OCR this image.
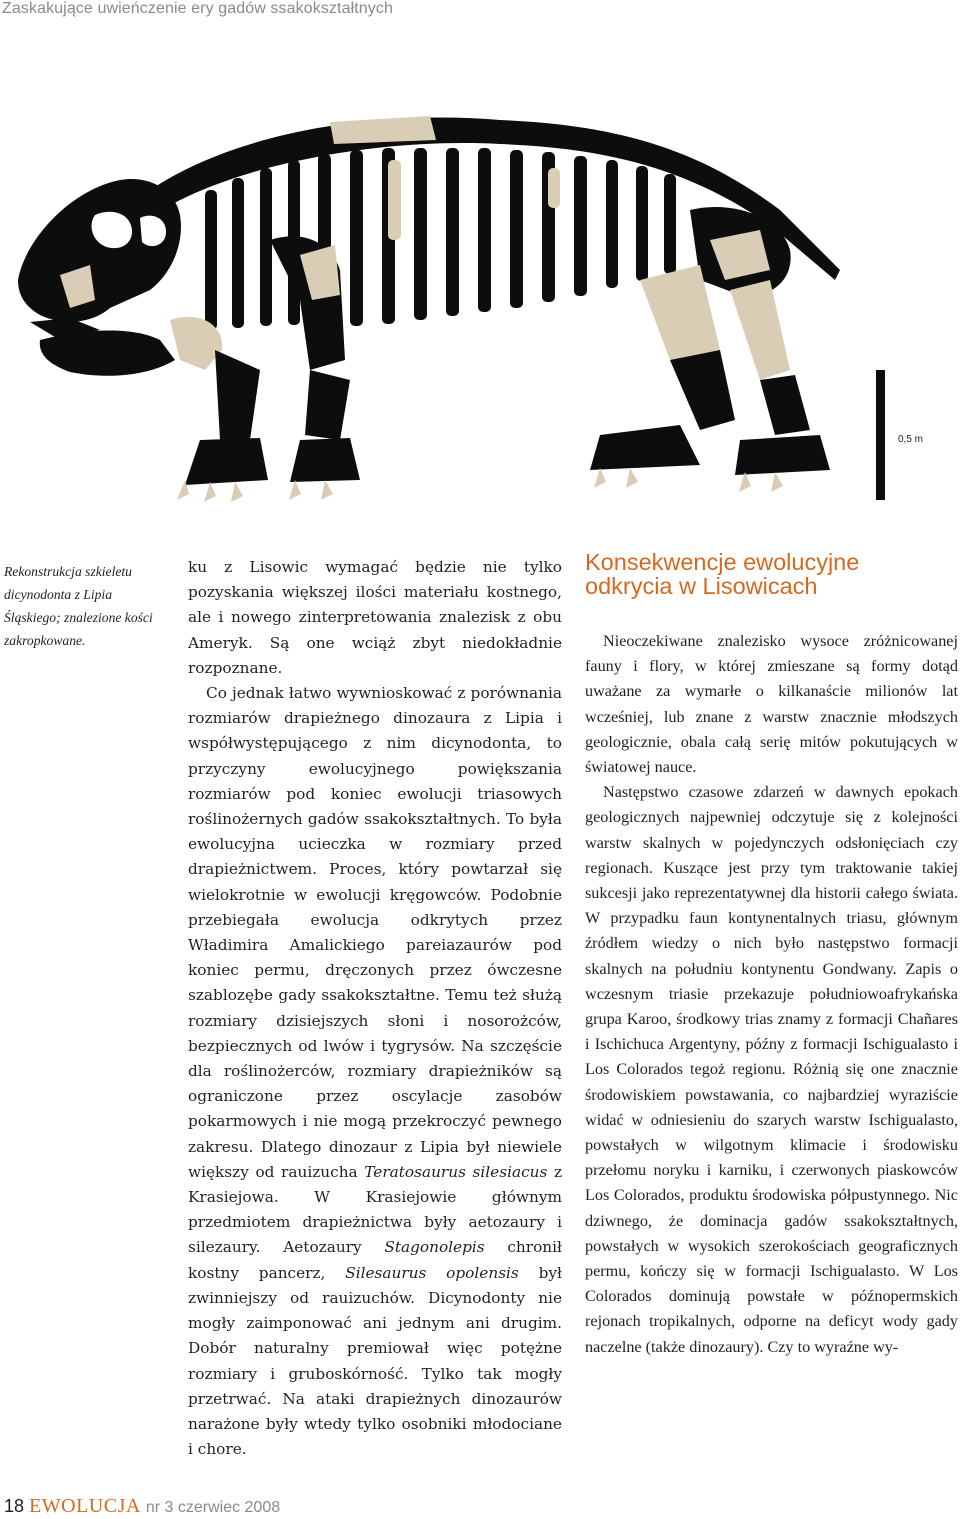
Zaskakujące uwieńczenie ery gadów ssakokształtnych
0,5 m
Rekonstrukcja szkieletu
dicynodonta z Lipia
Śląskiego; znalezione kości
zakropkowane.

ku z Lisowic wymagać będzie nie tylko pozyskania większej ilości materiału kostnego, ale i nowego zinterpretowania znalezisk z obu Ameryk. Są one wciąż zbyt niedokładnie rozpoznane.

Co jednak łatwo wywnioskować z porównania rozmiarów drapieżnego dinozaura z Lipia i współwystępującego z nim dicynodonta, to przyczyny ewolucyjnego powiększania rozmiarów pod koniec ewolucji triasowych roślinożernych gadów ssakokształtnych. To była ewolucyjna ucieczka w rozmiary przed drapieżnictwem. Proces, który powtarzał się wielokrotnie w ewolucji kręgowców. Podobnie przebiegała ewolucja odkrytych przez Władimira Amalickiego pareiazaurów pod koniec permu, dręczonych przez ówczesne szablozębe gady ssakokształtne. Temu też służą rozmiary dzisiejszych słoni i nosorożców, bezpiecznych od lwów i tygrysów. Na szczęście dla roślinożerców, rozmiary drapieżników są ograniczone przez oscylacje zasobów pokarmowych i nie mogą przekroczyć pewnego zakresu. Dlatego dinozaur z Lipia był niewiele większy od rauizucha Teratosaurus silesiacus z Krasiejowa. W Krasiejowie głównym przedmiotem drapieżnictwa były aetozaury i silezaury. Aetozaury Stagonolepis chronił kostny pancerz, Silesaurus opolensis był zwinniejszy od rauizuchów. Dicynodonty nie mogły zaimponować ani jednym ani drugim. Dobór naturalny premiował więc potężne rozmiary i gruboskórność. Tylko tak mogły przetrwać. Na ataki drapieżnych dinozaurów narażone były wtedy tylko osobniki młodociane i chore.

Konsekwencje ewolucyjne
odkrycia w Lisowicach

Nieoczekiwane znalezisko wysoce zróżnicowanej fauny i flory, w której zmieszane są formy dotąd uważane za wymarłe o kilkanaście milionów lat wcześniej, lub znane z warstw znacznie młodszych geologicznie, obala całą serię mitów pokutujących w światowej nauce.

Następstwo czasowe zdarzeń w dawnych epokach geologicznych najpewniej odczytuje się z kolejności warstw skalnych w pojedynczych odsłonięciach czy regionach. Kuszące jest przy tym traktowanie takiej sukcesji jako reprezentatywnej dla historii całego świata. W przypadku faun kontynentalnych triasu, głównym źródłem wiedzy o nich było następstwo formacji skalnych na południu kontynentu Gondwany. Zapis o wczesnym triasie przekazuje południowoafrykańska grupa Karoo, środkowy trias znamy z formacji Chañares i Ischichuca Argentyny, późny z formacji Ischigualasto i Los Colorados tegoż regionu. Różnią się one znacznie środowiskiem powstawania, co najbardziej wyraziście widać w odniesieniu do szarych warstw Ischigualasto, powstałych w wilgotnym klimacie i środowisku przełomu noryku i karniku, i czerwonych piaskowców Los Colorados, produktu środowiska półpustynnego. Nic dziwnego, że dominacja gadów ssakokształtnych, powstałych w wysokich szerokościach geograficznych permu, kończy się w formacji Ischigualasto. W Los Colorados dominują powstałe w późnopermskich rejonach tropikalnych, odporne na deficyt wody gady naczelne (także dinozaury). Czy to wyraźne wy-

18 EWOLUCJA nr 3 czerwiec 2008
